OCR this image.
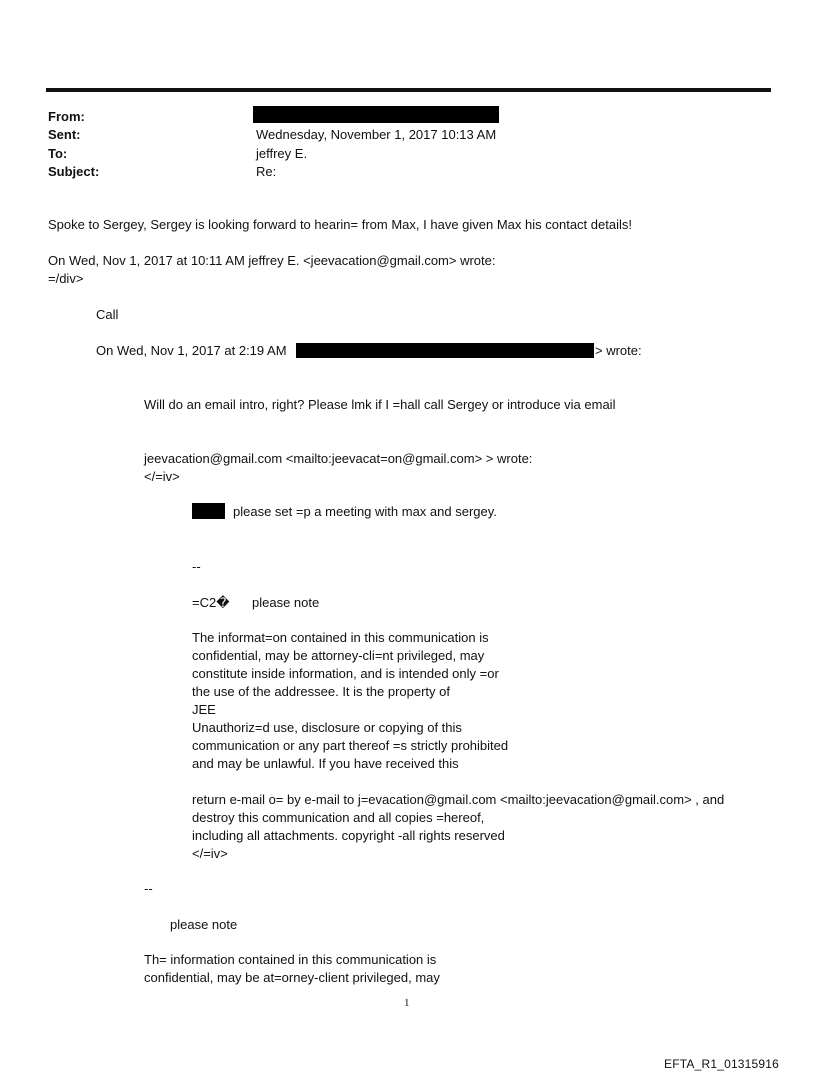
From:
Sent:	Wednesday, November 1, 2017 10:13 AM
To:	jeffrey E.
Subject:	Re:
Spoke to Sergey, Sergey is looking forward to hearin= from Max, I have given Max his contact details!
On Wed, Nov 1, 2017 at 10:11 AM jeffrey E. <jeevacation@gmail.com> wrote:
=/div>
Call
On Wed, Nov 1, 2017 at 2:19 AM	> wrote:
Will do an email intro, right? Please lmk if I =hall call Sergey or introduce via email
jeevacation@gmail.com <mailto:jeevacat=on@gmail.com> > wrote:
</=iv>
please set =p a meeting with max and sergey.
--
=C2� please note
The informat=on contained in this communication is
confidential, may be attorney-cli=nt privileged, may
constitute inside information, and is intended only =or
the use of the addressee. It is the property of
JEE
Unauthoriz=d use, disclosure or copying of this
communication or any part thereof =s strictly prohibited
and may be unlawful. If you have received this
return e-mail o= by e-mail to j=evacation@gmail.com <mailto:jeevacation@gmail.com> , and
destroy this communication and all copies =hereof,
including all attachments. copyright -all rights reserved
</=iv>
--
please note
Th= information contained in this communication is
confidential, may be at=orney-client privileged, may
1
EFTA_R1_01315916
